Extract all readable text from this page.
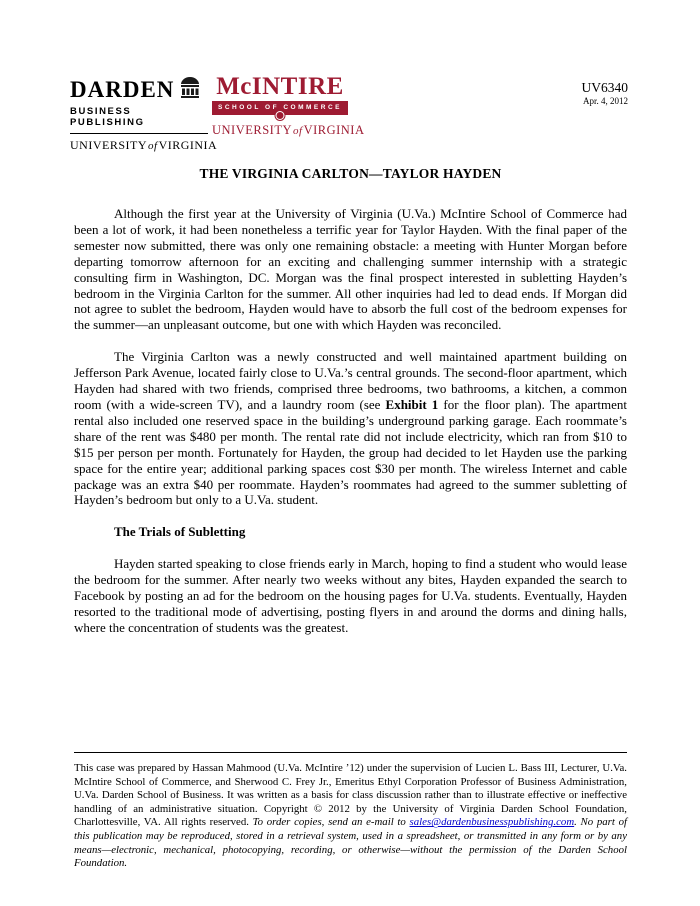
DARDEN
BUSINESS PUBLISHING
UNIVERSITYofVIRGINIA
McINTIRE
SCHOOL OF COMMERCE
UNIVERSITYofVIRGINIA
UV6340
Apr. 4, 2012
THE VIRGINIA CARLTON—TAYLOR HAYDEN

Although the first year at the University of Virginia (U.Va.) McIntire School of Commerce had been a lot of work, it had been nonetheless a terrific year for Taylor Hayden. With the final paper of the semester now submitted, there was only one remaining obstacle: a meeting with Hunter Morgan before departing tomorrow afternoon for an exciting and challenging summer internship with a strategic consulting firm in Washington, DC. Morgan was the final prospect interested in subletting Hayden’s bedroom in the Virginia Carlton for the summer. All other inquiries had led to dead ends. If Morgan did not agree to sublet the bedroom, Hayden would have to absorb the full cost of the bedroom expenses for the summer—an unpleasant outcome, but one with which Hayden was reconciled.

The Virginia Carlton was a newly constructed and well maintained apartment building on Jefferson Park Avenue, located fairly close to U.Va.’s central grounds. The second-floor apartment, which Hayden had shared with two friends, comprised three bedrooms, two bathrooms, a kitchen, a common room (with a wide-screen TV), and a laundry room (see Exhibit 1 for the floor plan). The apartment rental also included one reserved space in the building’s underground parking garage. Each roommate’s share of the rent was $480 per month. The rental rate did not include electricity, which ran from $10 to $15 per person per month. Fortunately for Hayden, the group had decided to let Hayden use the parking space for the entire year; additional parking spaces cost $30 per month. The wireless Internet and cable package was an extra $40 per roommate. Hayden’s roommates had agreed to the summer subletting of Hayden’s bedroom but only to a U.Va. student.

The Trials of Subletting

Hayden started speaking to close friends early in March, hoping to find a student who would lease the bedroom for the summer. After nearly two weeks without any bites, Hayden expanded the search to Facebook by posting an ad for the bedroom on the housing pages for U.Va. students. Eventually, Hayden resorted to the traditional mode of advertising, posting flyers in and around the dorms and dining halls, where the concentration of students was the greatest.

This case was prepared by Hassan Mahmood (U.Va. McIntire ’12) under the supervision of Lucien L. Bass III, Lecturer, U.Va. McIntire School of Commerce, and Sherwood C. Frey Jr., Emeritus Ethyl Corporation Professor of Business Administration, U.Va. Darden School of Business. It was written as a basis for class discussion rather than to illustrate effective or ineffective handling of an administrative situation. Copyright © 2012 by the University of Virginia Darden School Foundation, Charlottesville, VA. All rights reserved. To order copies, send an e-mail to sales@dardenbusinesspublishing.com. No part of this publication may be reproduced, stored in a retrieval system, used in a spreadsheet, or transmitted in any form or by any means—electronic, mechanical, photocopying, recording, or otherwise—without the permission of the Darden School Foundation.
